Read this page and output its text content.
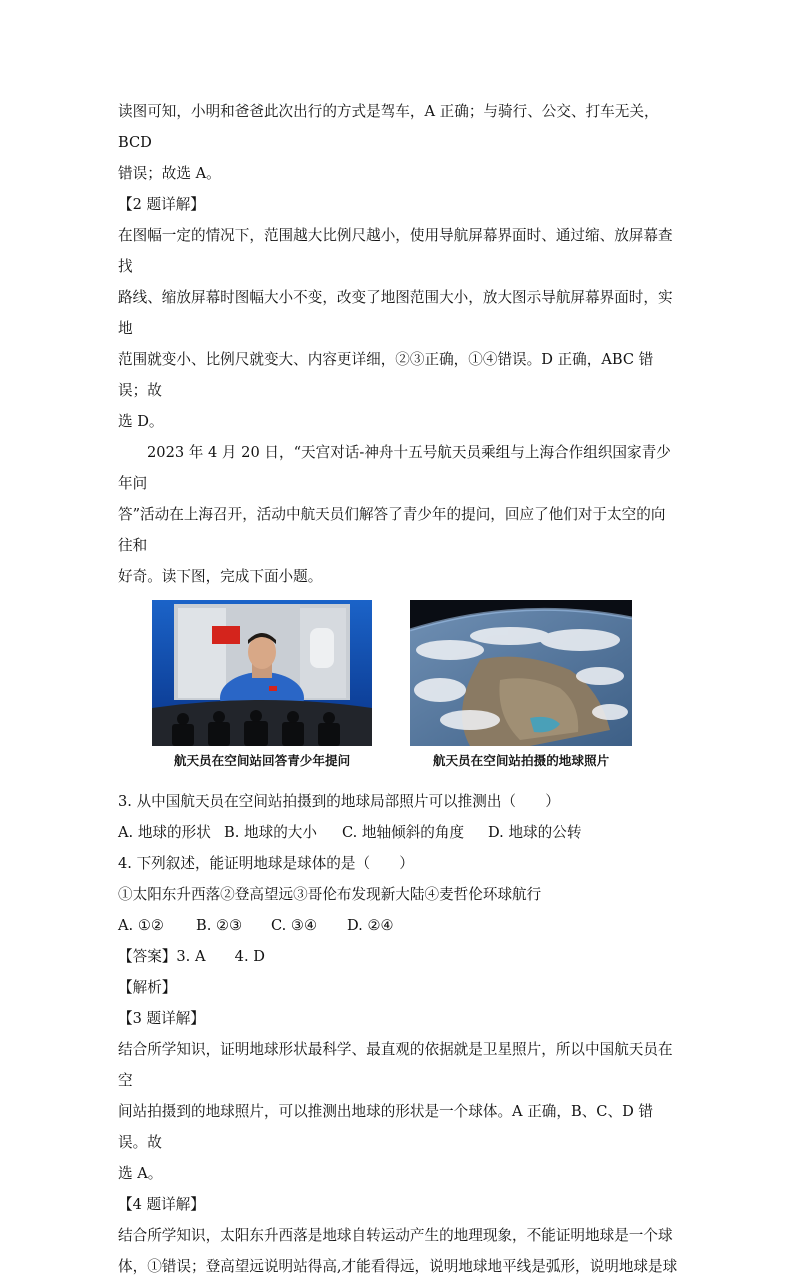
读图可知，小明和爸爸此次出行的方式是驾车，A 正确；与骑行、公交、打车无关，BCD

错误；故选 A。

【2 题详解】

在图幅一定的情况下，范围越大比例尺越小，使用导航屏幕界面时、通过缩、放屏幕查找

路线、缩放屏幕时图幅大小不变，改变了地图范围大小，放大图示导航屏幕界面时，实地

范围就变小、比例尺就变大、内容更详细，②③正确，①④错误。D 正确，ABC 错误；故

选 D。

2023 年 4 月 20 日，“天宫对话-神舟十五号航天员乘组与上海合作组织国家青少年问

答”活动在上海召开，活动中航天员们解答了青少年的提问，回应了他们对于太空的向往和

好奇。读下图，完成下面小题。

航天员在空间站回答青少年提问	航天员在空间站拍摄的地球照片

3. 从中国航天员在空间站拍摄到的地球局部照片可以推测出（　　）

A. 地球的形状 B. 地球的大小 C. 地轴倾斜的角度 D. 地球的公转

4. 下列叙述，能证明地球是球体的是（　　）

①太阳东升西落②登高望远③哥伦布发现新大陆④麦哲伦环球航行

A. ①② B. ②③ C. ③④ D. ②④

【答案】3. A　　4. D

【解析】

【3 题详解】

结合所学知识，证明地球形状最科学、最直观的依据就是卫星照片，所以中国航天员在空

间站拍摄到的地球照片，可以推测出地球的形状是一个球体。A 正确，B、C、D 错误。故

选 A。

【4 题详解】

结合所学知识，太阳东升西落是地球自转运动产生的地理现象，不能证明地球是一个球

体，①错误；登高望远说明站得高,才能看得远，说明地球地平线是弧形，说明地球是球
